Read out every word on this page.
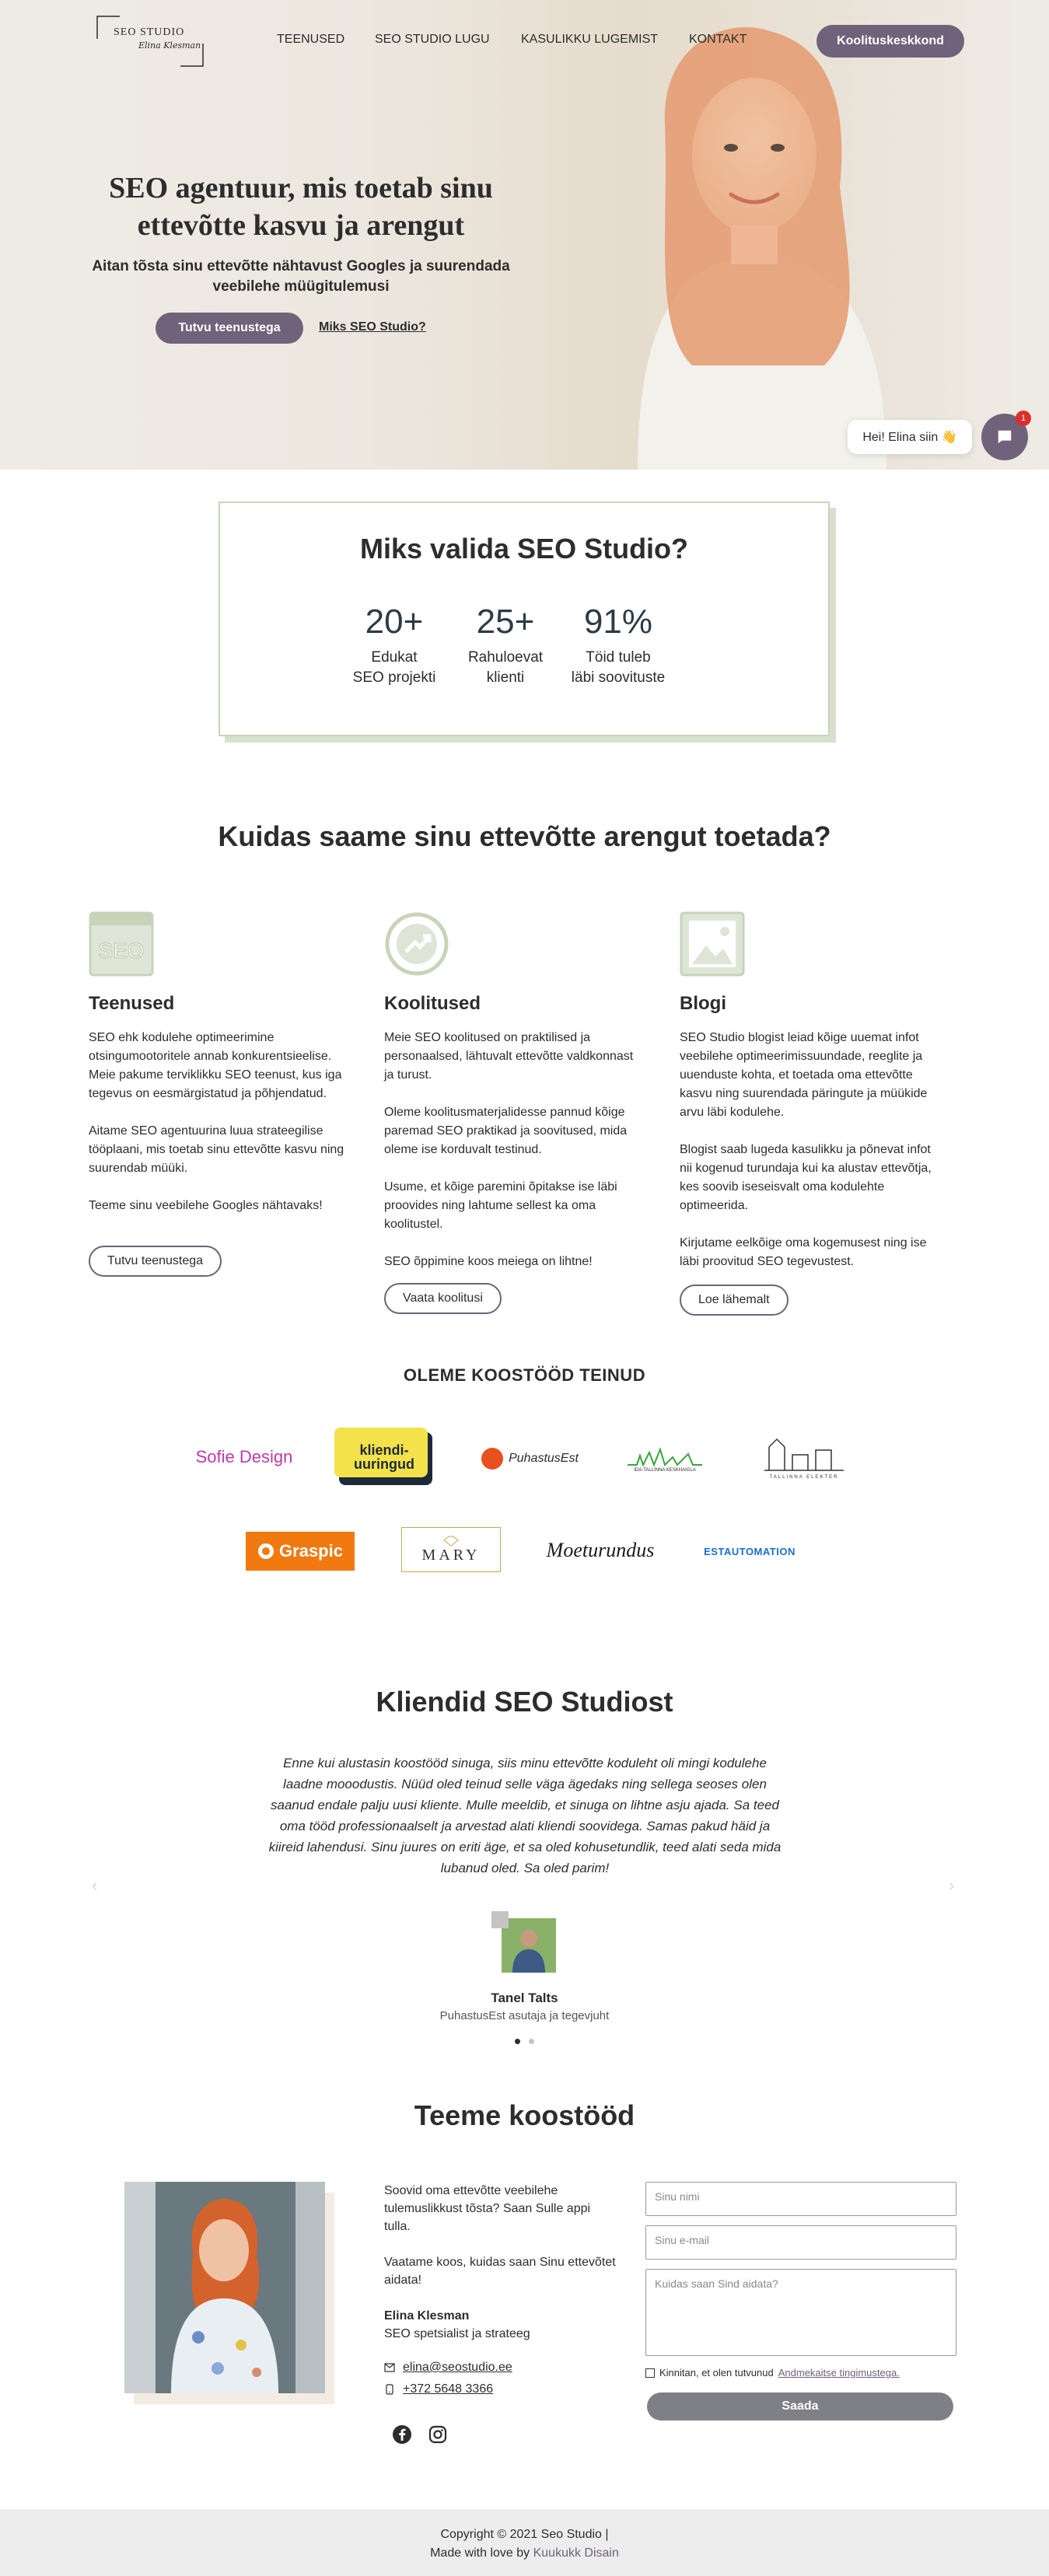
SEO STUDIO
Elina Klesman	TEENUSED SEO STUDIO LUGU	KASULIKKU LUGEMIST KONTAKT	Koolituskeskkond
SEO agentuur, mis toetab sinu ettevõtte kasvu ja arengut

Aitan tõsta sinu ettevõtte nähtavust Googles ja suurendada veebilehe müügitulemusi

Tutvu teenustega	Miks SEO Studio?
Hei! Elina siin 👋
1
Miks valida SEO Studio?
20+
Edukat
SEO projekti
25+
Rahuloevat
klienti
91%
Töid tuleb
läbi soovituste
Kuidas saame sinu ettevõtte arengut toetada?
SEO
Teenused

SEO ehk kodulehe optimeerimine otsingumootoritele annab konkurentsieelise. Meie pakume terviklikku SEO teenust, kus iga tegevus on eesmärgistatud ja põhjendatud.

Aitame SEO agentuurina luua strateegilise tööplaani, mis toetab sinu ettevõtte kasvu ning suurendab müüki.

Teeme sinu veebilehe Googles nähtavaks!

Tutvu teenustega
Koolitused

Meie SEO koolitused on praktilised ja personaalsed, lähtuvalt ettevõtte valdkonnast ja turust.

Oleme koolitusmaterjalidesse pannud kõige paremad SEO praktikad ja soovitused, mida oleme ise korduvalt testinud.

Usume, et kõige paremini õpitakse ise läbi proovides ning lahtume sellest ka oma koolitustel.

SEO õppimine koos meiega on lihtne!

Vaata koolitusi
Blogi

SEO Studio blogist leiad kõige uuemat infot veebilehe optimeerimissuundade, reeglite ja uuenduste kohta, et toetada oma ettevõtte kasvu ning suurendada päringute ja müükide arvu läbi kodulehe.

Blogist saab lugeda kasulikku ja põnevat infot nii kogenud turundaja kui ka alustav ettevõtja, kes soovib iseseisvalt oma kodulehte optimeerida.

Kirjutame eelkõige oma kogemusest ning ise läbi proovitud SEO tegevustest.

Loe lähemalt
OLEME KOOSTÖÖD TEINUD
Sofie Design	kliendi-uuringud	PuhastusEst
IDA-TALLINNA KESKHAIGLA
TALLINNA ELEKTER
Graspic	MARY	Moeturundus	ESTAUTOMATION
Kliendid SEO Studiost

Enne kui alustasin koostööd sinuga, siis minu ettevõtte koduleht oli mingi kodulehe laadne mooodustis. Nüüd oled teinud selle väga ägedaks ning sellega seoses olen saanud endale palju uusi kliente. Mulle meeldib, et sinuga on lihtne asju ajada. Sa teed oma tööd professionaalselt ja arvestad alati kliendi soovidega. Samas pakud häid ja kiireid lahendusi. Sinu juures on eriti äge, et sa oled kohusetundlik, teed alati seda mida lubanud oled. Sa oled parim!

‹	›
Tanel Talts
PuhastusEst asutaja ja tegevjuht
Teeme koostööd

Soovid oma ettevõtte veebilehe tulemuslikkust tõsta? Saan Sulle appi tulla.

Vaatame koos, kuidas saan Sinu ettevõtet aidata!

Elina Klesman
SEO spetsialist ja strateeg
elina@seostudio.ee
+372 5648 3366
Sinu nimi
Sinu e-mail
Kuidas saan Sind aidata?
Kinnitan, et olen tutvunud Andmekaitse tingimustega.
Saada
Copyright © 2021 Seo Studio |
Made with love by Kuukukk Disain
